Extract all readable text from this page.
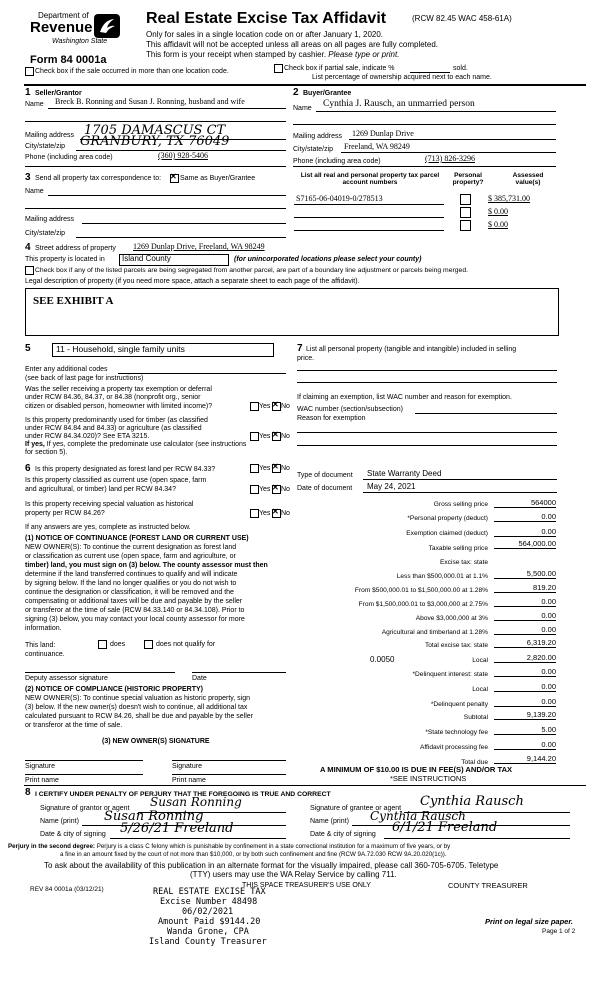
Department of
Revenue
Washington State
Form 84 0001a
Real Estate Excise Tax Affidavit	(RCW 82.45 WAC 458-61A)
Only for sales in a single location code on or after January 1, 2020.
This affidavit will not be accepted unless all areas on all pages are fully completed.
This form is your receipt when stamped by cashier. Please type or print.
Check box if the sale occurred in more than one location code.	Check box if partial sale, indicate %	sold.
List percentage of ownership acquired next to each name.
1 Seller/Grantor
Name Breck B. Ronning and Susan J. Ronning, husband and wife
Mailing address 1705 DAMASCUS CT
City/state/zip GRANBURY, TX 76049
Phone (including area code)	(360) 928-5406
2 Buyer/Grantee
Name Cynthia J. Rausch, an unmarried person
Mailing address 1269 Dunlap Drive
City/state/zip Freeland, WA 98249
Phone (including area code)	(713) 826-3296
3 Send all property tax correspondence to: ✕	Same as Buyer/Grantee
Name
Mailing address
City/state/zip
List all real and personal property tax parcel account numbers
Personal property?
Assessed value(s)
S7165-06-04019-0/278513	$ 385,731.00
$ 0.00
$ 0.00
4 Street address of property 1269 Dunlap Drive, Freeland, WA 98249
This property is located in Island County	(for unincorporated locations please select your county)
Check box if any of the listed parcels are being segregated from another parcel, are part of a boundary line adjustment or parcels being merged.
Legal description of property (if you need more space, attach a separate sheet to each page of the affidavit).
SEE EXHIBIT A
5	11 - Household, single family units
Enter any additional codes
(see back of last page for instructions)
Was the seller receiving a property tax exemption or deferral
under RCW 84.36, 84.37, or 84.38 (nonprofit org., senior
citizen or disabled person, homeowner with limited income)?	Yes ✕ No
Is this property predominantly used for timber (as classified
under RCW 84.84 and 84.33) or agriculture (as classified
under RCW 84.34.020)? See ETA 3215.	Yes ✕ No
If yes, If yes, complete the predominate use calculator (see instructions
for section 5).
6 Is this property designated as forest land per RCW 84.33?	Yes ✕ No
Is this property classified as current use (open space, farm
and agricultural, or timber) land per RCW 84.34?	Yes ✕ No
Is this property receiving special valuation as historical
property per RCW 84.26?	Yes ✕ No
If any answers are yes, complete as instructed below.
(1) NOTICE OF CONTINUANCE (FOREST LAND OR CURRENT USE)
NEW OWNER(S): To continue the current designation as forest land
or classification as current use (open space, farm and agriculture, or
timber) land, you must sign on (3) below. The county assessor must then
determine if the land transferred continues to qualify and will indicate
by signing below. If the land no longer qualifies or you do not wish to
continue the designation or classification, it will be removed and the
compensating or additional taxes will be due and payable by the seller
or transferor at the time of sale (RCW 84.33.140 or 84.34.108). Prior to
signing (3) below, you may contact your local county assessor for more
information.
This land:	does	does not qualify for
continuance.
Deputy assessor signature	Date
(2) NOTICE OF COMPLIANCE (HISTORIC PROPERTY)
NEW OWNER(S): To continue special valuation as historic property, sign
(3) below. If the new owner(s) doesn't wish to continue, all additional tax
calculated pursuant to RCW 84.26, shall be due and payable by the seller
or transferor at the time of sale.
(3) NEW OWNER(S) SIGNATURE
Signature	Signature
Print name	Print name
7 List all personal property (tangible and intangible) included in selling
price.
If claiming an exemption, list WAC number and reason for exemption.
WAC number (section/subsection)
Reason for exemption
Type of document State Warranty Deed
Date of document May 24, 2021
Gross selling price	564000
*Personal property (deduct)	0.00
Exemption claimed (deduct)	0.00
Taxable selling price
564,000.00
Excise tax: state
Less than $500,000.01 at 1.1%	5,500.00
From $500,000.01 to $1,500,000.00 at 1.28%	819.20
From $1,500,000.01 to $3,000,000 at 2.75%	0.00
Above $3,000,000 at 3%	0.00
Agricultural and timberland at 1.28%	0.00
Total excise tax: state	6,319.20
0.0050	Local	2,820.00
*Delinquent interest: state	0.00
Local	0.00
*Delinquent penalty	0.00
Subtotal	9,139.20
*State technology fee	5.00
Affidavit processing fee	0.00
Total due	9,144.20
A MINIMUM OF $10.00 IS DUE IN FEE(S) AND/OR TAX
*SEE INSTRUCTIONS
8 I CERTIFY UNDER PENALTY OF PERJURY THAT THE FOREGOING IS TRUE AND CORRECT
Signature of grantor or agent Susan Ronning
Name (print) Susan Ronning
Date & city of signing 5/26/21 Freeland
Signature of grantee or agent Cynthia Rausch
Name (print) Cynthia Rausch
Date & city of signing 6/1/21 Freeland
Perjury in the second degree: Perjury is a class C felony which is punishable by confinement in a state correctional institution for a maximum of five years, or by
a fine in an amount fixed by the court of not more than $10,000, or by both such confinement and fine (RCW 9A.72.030 RCW 9A.20.020(1c)).
To ask about the availability of this publication in an alternate format for the visually impaired, please call 360-705-6705. Teletype
(TTY) users may use the WA Relay Service by calling 711.
REV 84 0001a (03/12/21)
THIS SPACE TREASURER'S USE ONLY	COUNTY TREASURER
REAL ESTATE EXCISE TAX
Excise Number 48498
06/02/2021
Amount Paid $9144.20
Wanda Grone, CPA
Island County Treasurer
Print on legal size paper.
Page 1 of 2
